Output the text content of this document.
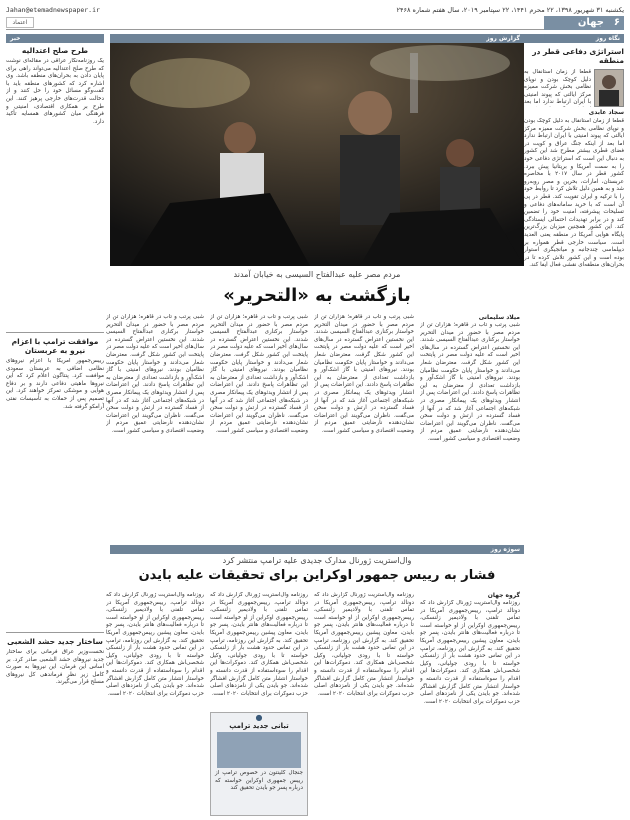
یکشنبه ۳۱ شهریور ۱۳۹۸، ۲۲ محرم ۱۴۴۱، ۲۲ سپتامبر ۲۰۱۹، سال هفتم شماره ۲۴۶۸
Jahan@etemadnewspaper.ir
جهان ۶
اعتماد
نگاه روز
استراتژی دفاعی قطر در منطقه
قطعاً از زمان آستانفال به دلیل کوچک بودن و نوپای نظامی بخش شرکت ممیزه مرکز ایالتی که پیوند امنیتی با ایران ارتباط ندارد اما بعد
سجاد عابدی
قطعاً از زمان آستانفال به دلیل کوچک بودن و نوپای نظامی بخش شرکت ممیزه مرکز ایالتی که پیوند امنیتی با ایران ارتباط ندارد اما بعد از اینکه جنگ عراق و کویت در فضای قطری بیشتر مطرح شد این کشور به دنبال این است که استراتژی دفاعی خود را به سمت آمریکا و بریتانیا پیش ببرد. کشور قطر در سال ۲۰۱۷ با محاصره عربستان، امارات، بحرین و مصر روبه‌رو شد و به همین دلیل تلاش کرد تا روابط خود را با ترکیه و ایران تقویت کند. قطر در پی آن است که با خرید سامانه‌های دفاعی و تسلیحات پیشرفته، امنیت خود را تضمین کند و در برابر تهدیدات احتمالی ایستادگی کند. این کشور همچنین میزبان بزرگ‌ترین پایگاه هوایی آمریکا در منطقه یعنی العدید است. سیاست خارجی قطر همواره بر دیپلماسی چندجانبه و میانجیگری استوار بوده است و این کشور تلاش کرده تا در بحران‌های منطقه‌ای نقشی فعال ایفا کند.
خبر
طرح صلح اعتدالیه
یک روزنامه‌نگار عراقی در مقاله‌ای نوشت که طرح صلح اعتدالیه می‌تواند راهی برای پایان دادن به بحران‌های منطقه باشد. وی اشاره کرد که کشورهای منطقه باید با گفت‌وگو مسائل خود را حل کنند و از دخالت قدرت‌های خارجی پرهیز کنند. این طرح بر همکاری اقتصادی، امنیتی و فرهنگی میان کشورهای همسایه تأکید دارد.
موافقت ترامپ با اعزام نیرو به عربستان
رییس‌جمهور آمریکا با اعزام نیروهای نظامی اضافی به عربستان سعودی موافقت کرد. پنتاگون اعلام کرد که این نیروها ماهیتی دفاعی دارند و بر دفاع هوایی و موشکی تمرکز خواهند کرد. این تصمیم پس از حملات به تأسیسات نفتی آرامکو گرفته شد.
ساختار جدید حشد الشعبی
نخست‌وزیر عراق فرمانی برای ساختار جدید نیروهای حشد الشعبی صادر کرد. بر اساس این فرمان، این نیروها به صورت کامل زیر نظر فرماندهی کل نیروهای مسلح قرار می‌گیرند.
گزارش روز
مردم مصر علیه عبدالفتاح السیسی به خیابان آمدند
بازگشت به «التحریر»
میلاد سلیمانی
شبی پرتب و تاب در قاهره؛ هزاران تن از مردم مصر با حضور در میدان التحریر خواستار برکناری عبدالفتاح السیسی شدند. این نخستین اعتراض گسترده در سال‌های اخیر است که علیه دولت مصر در پایتخت این کشور شکل گرفت. معترضان شعار می‌دادند و خواستار پایان حکومت نظامیان بودند. نیروهای امنیتی با گاز اشک‌آور و بازداشت تعدادی از معترضان به این تظاهرات پاسخ دادند. این اعتراضات پس از انتشار ویدئوهای یک پیمانکار مصری در شبکه‌های اجتماعی آغاز شد که در آنها از فساد گسترده در ارتش و دولت سخن می‌گفت. ناظران می‌گویند این اعتراضات نشان‌دهنده نارضایتی عمیق مردم از وضعیت اقتصادی و سیاسی کشور است.
شبی پرتب و تاب در قاهره؛ هزاران تن از مردم مصر با حضور در میدان التحریر خواستار برکناری عبدالفتاح السیسی شدند. این نخستین اعتراض گسترده در سال‌های اخیر است که علیه دولت مصر در پایتخت این کشور شکل گرفت. معترضان شعار می‌دادند و خواستار پایان حکومت نظامیان بودند. نیروهای امنیتی با گاز اشک‌آور و بازداشت تعدادی از معترضان به این تظاهرات پاسخ دادند. این اعتراضات پس از انتشار ویدئوهای یک پیمانکار مصری در شبکه‌های اجتماعی آغاز شد که در آنها از فساد گسترده در ارتش و دولت سخن می‌گفت. ناظران می‌گویند این اعتراضات نشان‌دهنده نارضایتی عمیق مردم از وضعیت اقتصادی و سیاسی کشور است.
شبی پرتب و تاب در قاهره؛ هزاران تن از مردم مصر با حضور در میدان التحریر خواستار برکناری عبدالفتاح السیسی شدند. این نخستین اعتراض گسترده در سال‌های اخیر است که علیه دولت مصر در پایتخت این کشور شکل گرفت. معترضان شعار می‌دادند و خواستار پایان حکومت نظامیان بودند. نیروهای امنیتی با گاز اشک‌آور و بازداشت تعدادی از معترضان به این تظاهرات پاسخ دادند. این اعتراضات پس از انتشار ویدئوهای یک پیمانکار مصری در شبکه‌های اجتماعی آغاز شد که در آنها از فساد گسترده در ارتش و دولت سخن می‌گفت. ناظران می‌گویند این اعتراضات نشان‌دهنده نارضایتی عمیق مردم از وضعیت اقتصادی و سیاسی کشور است.
شبی پرتب و تاب در قاهره؛ هزاران تن از مردم مصر با حضور در میدان التحریر خواستار برکناری عبدالفتاح السیسی شدند. این نخستین اعتراض گسترده در سال‌های اخیر است که علیه دولت مصر در پایتخت این کشور شکل گرفت. معترضان شعار می‌دادند و خواستار پایان حکومت نظامیان بودند. نیروهای امنیتی با گاز اشک‌آور و بازداشت تعدادی از معترضان به این تظاهرات پاسخ دادند. این اعتراضات پس از انتشار ویدئوهای یک پیمانکار مصری در شبکه‌های اجتماعی آغاز شد که در آنها از فساد گسترده در ارتش و دولت سخن می‌گفت. ناظران می‌گویند این اعتراضات نشان‌دهنده نارضایتی عمیق مردم از وضعیت اقتصادی و سیاسی کشور است.
سوژه روز
وال‌استریت ژورنال مدارک جدیدی علیه ترامپ منتشر کرد
فشار به رییس جمهور اوکراین برای تحقیقات علیه بایدن
گروه جهان
روزنامه وال‌استریت ژورنال گزارش داد که دونالد ترامپ، رییس‌جمهوری آمریکا در تماس تلفنی با ولادیمیر زلنسکی، رییس‌جمهوری اوکراین از او خواسته است تا درباره فعالیت‌های هانتر بایدن، پسر جو بایدن، معاون پیشین رییس‌جمهوری آمریکا تحقیق کند. به گزارش این روزنامه، ترامپ در این تماس حدود هشت بار از زلنسکی خواسته تا با رودی جولیانی، وکیل شخصی‌اش همکاری کند. دموکرات‌ها این اقدام را سوءاستفاده از قدرت دانسته و خواستار انتشار متن کامل گزارش افشاگر شده‌اند. جو بایدن یکی از نامزدهای اصلی حزب دموکرات برای انتخابات ۲۰۲۰ است.
روزنامه وال‌استریت ژورنال گزارش داد که دونالد ترامپ، رییس‌جمهوری آمریکا در تماس تلفنی با ولادیمیر زلنسکی، رییس‌جمهوری اوکراین از او خواسته است تا درباره فعالیت‌های هانتر بایدن، پسر جو بایدن، معاون پیشین رییس‌جمهوری آمریکا تحقیق کند. به گزارش این روزنامه، ترامپ در این تماس حدود هشت بار از زلنسکی خواسته تا با رودی جولیانی، وکیل شخصی‌اش همکاری کند. دموکرات‌ها این اقدام را سوءاستفاده از قدرت دانسته و خواستار انتشار متن کامل گزارش افشاگر شده‌اند. جو بایدن یکی از نامزدهای اصلی حزب دموکرات برای انتخابات ۲۰۲۰ است.
●
تبانی جدید ترامپ
جنجال کلینتون در خصوص ترامپ از رییس جمهوری اوکراین خواسته که درباره پسر جو بایدن تحقیق کند
روزنامه وال‌استریت ژورنال گزارش داد که دونالد ترامپ، رییس‌جمهوری آمریکا در تماس تلفنی با ولادیمیر زلنسکی، رییس‌جمهوری اوکراین از او خواسته است تا درباره فعالیت‌های هانتر بایدن، پسر جو بایدن، معاون پیشین رییس‌جمهوری آمریکا تحقیق کند. به گزارش این روزنامه، ترامپ در این تماس حدود هشت بار از زلنسکی خواسته تا با رودی جولیانی، وکیل شخصی‌اش همکاری کند. دموکرات‌ها این اقدام را سوءاستفاده از قدرت دانسته و خواستار انتشار متن کامل گزارش افشاگر شده‌اند. جو بایدن یکی از نامزدهای اصلی حزب دموکرات برای انتخابات ۲۰۲۰ است.
روزنامه وال‌استریت ژورنال گزارش داد که دونالد ترامپ، رییس‌جمهوری آمریکا در تماس تلفنی با ولادیمیر زلنسکی، رییس‌جمهوری اوکراین از او خواسته است تا درباره فعالیت‌های هانتر بایدن، پسر جو بایدن، معاون پیشین رییس‌جمهوری آمریکا تحقیق کند. به گزارش این روزنامه، ترامپ در این تماس حدود هشت بار از زلنسکی خواسته تا با رودی جولیانی، وکیل شخصی‌اش همکاری کند. دموکرات‌ها این اقدام را سوءاستفاده از قدرت دانسته و خواستار انتشار متن کامل گزارش افشاگر شده‌اند. جو بایدن یکی از نامزدهای اصلی حزب دموکرات برای انتخابات ۲۰۲۰ است.
